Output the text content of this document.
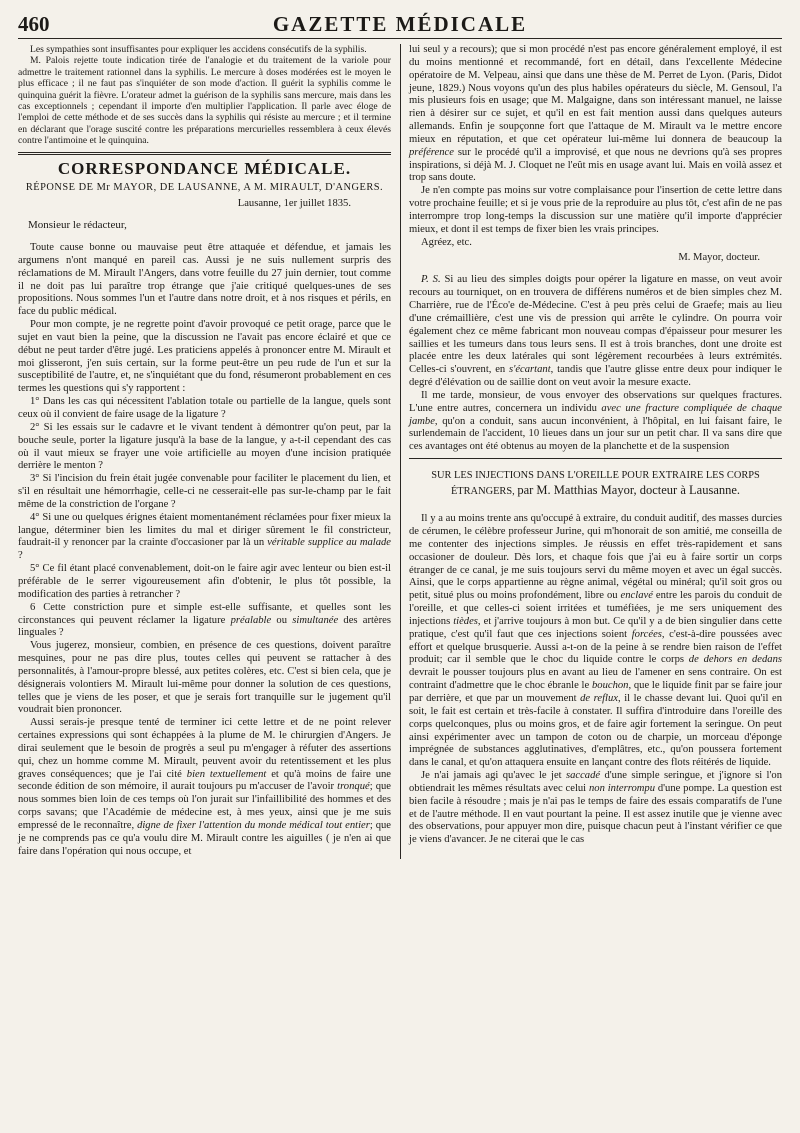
460	GAZETTE MÉDICALE

Les sympathies sont insuffisantes pour expliquer les accidens consécutifs de la syphilis.

M. Palois rejette toute indication tirée de l'analogie et du traitement de la variole pour admettre le traitement rationnel dans la syphilis. Le mercure à doses modérées est le moyen le plus efficace ; il ne faut pas s'inquiéter de son mode d'action. Il guérit la syphilis comme le quinquina guérit la fièvre. L'orateur admet la guérison de la syphilis sans mercure, mais dans les cas exceptionnels ; cependant il importe d'en multiplier l'application. Il parle avec éloge de l'emploi de cette méthode et de ses succès dans la syphilis qui résiste au mercure ; et il termine en déclarant que l'orage suscité contre les préparations mercurielles ressemblera à ceux élevés contre l'antimoine et le quinquina.

CORRESPONDANCE MÉDICALE.

RÉPONSE DE Mr MAYOR, DE LAUSANNE, A M. MIRAULT, D'ANGERS.

Lausanne, 1er juillet 1835.

Monsieur le rédacteur,

Toute cause bonne ou mauvaise peut être attaquée et défendue, et jamais les argumens n'ont manqué en pareil cas. Aussi je ne suis nullement surpris des réclamations de M. Mirault l'Angers, dans votre feuille du 27 juin dernier, tout comme il ne doit pas lui paraître trop étrange que j'aie critiqué quelques-unes de ses propositions. Nous sommes l'un et l'autre dans notre droit, et à nos risques et périls, en face du public médical.

Pour mon compte, je ne regrette point d'avoir provoqué ce petit orage, parce que le sujet en vaut bien la peine, que la discussion ne l'avait pas encore éclairé et que ce début ne peut tarder d'être jugé. Les praticiens appelés à prononcer entre M. Mirault et moi glisseront, j'en suis certain, sur la forme peut-être un peu rude de l'un et sur la susceptibilité de l'autre, et, ne s'inquiétant que du fond, résumeront probablement en ces termes les questions qui s'y rapportent :

1° Dans les cas qui nécessitent l'ablation totale ou partielle de la langue, quels sont ceux où il convient de faire usage de la ligature ?

2° Si les essais sur le cadavre et le vivant tendent à démontrer qu'on peut, par la bouche seule, porter la ligature jusqu'à la base de la langue, y a-t-il cependant des cas où il vaut mieux se frayer une voie artificielle au moyen d'une incision pratiquée derrière le menton ?

3° Si l'incision du frein était jugée convenable pour faciliter le placement du lien, et s'il en résultait une hémorrhagie, celle-ci ne cesserait-elle pas sur-le-champ par le fait même de la constriction de l'organe ?

4° Si une ou quelques érignes étaient momentanément réclamées pour fixer mieux la langue, déterminer bien les limites du mal et diriger sûrement le fil constricteur, faudrait-il y renoncer par la crainte d'occasioner par là un véritable supplice au malade ?

5° Ce fil étant placé convenablement, doit-on le faire agir avec lenteur ou bien est-il préférable de le serrer vigoureusement afin d'obtenir, le plus tôt possible, la modification des parties à retrancher ?

6 Cette constriction pure et simple est-elle suffisante, et quelles sont les circonstances qui peuvent réclamer la ligature préalable ou simultanée des artères linguales ?

Vous jugerez, monsieur, combien, en présence de ces questions, doivent paraître mesquines, pour ne pas dire plus, toutes celles qui peuvent se rattacher à des personnalités, à l'amour-propre blessé, aux petites colères, etc. C'est si bien cela, que je désignerais volontiers M. Mirault lui-même pour donner la solution de ces questions, telles que je viens de les poser, et que je serais fort tranquille sur le jugement qu'il voudrait bien prononcer.

Aussi serais-je presque tenté de terminer ici cette lettre et de ne point relever certaines expressions qui sont échappées à la plume de M. le chirurgien d'Angers. Je dirai seulement que le besoin de progrès a seul pu m'engager à réfuter des assertions qui, chez un homme comme M. Mirault, peuvent avoir du retentissement et les plus graves conséquences; que je l'ai cité bien textuellement et qu'à moins de faire une seconde édition de son mémoire, il aurait toujours pu m'accuser de l'avoir tronqué; que nous sommes bien loin de ces temps où l'on jurait sur l'infaillibilité des hommes et des corps savans; que l'Académie de médecine est, à mes yeux, ainsi que je me suis empressé de le reconnaître, digne de fixer l'attention du monde médical tout entier; que je ne comprends pas ce qu'a voulu dire M. Mirault contre les aiguilles ( je n'en ai que faire dans l'opération qui nous occupe, et

lui seul y a recours); que si mon procédé n'est pas encore généralement employé, il est du moins mentionné et recommandé, fort en détail, dans l'excellente Médecine opératoire de M. Velpeau, ainsi que dans une thèse de M. Perret de Lyon. (Paris, Didot jeune, 1829.) Nous voyons qu'un des plus habiles opérateurs du siècle, M. Gensoul, l'a mis plusieurs fois en usage; que M. Malgaigne, dans son intéressant manuel, ne laisse rien à désirer sur ce sujet, et qu'il en est fait mention aussi dans quelques auteurs allemands. Enfin je soupçonne fort que l'attaque de M. Mirault va le mettre encore mieux en réputation, et que cet opérateur lui-même lui donnera de beaucoup la préférence sur le procédé qu'il a improvisé, et que nous ne devrions qu'à ses propres inspirations, si déjà M. J. Cloquet ne l'eût mis en usage avant lui. Mais en voilà assez et trop sans doute.

Je n'en compte pas moins sur votre complaisance pour l'insertion de cette lettre dans votre prochaine feuille; et si je vous prie de la reproduire au plus tôt, c'est afin de ne pas interrompre trop long-temps la discussion sur une matière qu'il importe d'apprécier mieux, et dont il est temps de fixer bien les vrais principes.

Agréez, etc.

M. Mayor, docteur.

P. S. Si au lieu des simples doigts pour opérer la ligature en masse, on veut avoir recours au tourniquet, on en trouvera de différens numéros et de bien simples chez M. Charrière, rue de l'Éco'e de-Médecine. C'est à peu près celui de Graefe; mais au lieu d'une crémaillière, c'est une vis de pression qui arrête le cylindre. On pourra voir également chez ce même fabricant mon nouveau compas d'épaisseur pour mesurer les saillies et les tumeurs dans tous leurs sens. Il est à trois branches, dont une droite est placée entre les deux latérales qui sont légèrement recourbées à leurs extrémités. Celles-ci s'ouvrent, en s'écartant, tandis que l'autre glisse entre deux pour indiquer le degré d'élévation ou de saillie dont on veut avoir la mesure exacte.

Il me tarde, monsieur, de vous envoyer des observations sur quelques fractures. L'une entre autres, concernera un individu avec une fracture compliquée de chaque jambe, qu'on a conduit, sans aucun inconvénient, à l'hôpital, en lui faisant faire, le surlendemain de l'accident, 10 lieues dans un jour sur un petit char. Il va sans dire que ces avantages ont été obtenus au moyen de la planchette et de la suspension

SUR LES INJECTIONS DANS L'OREILLE POUR EXTRAIRE LES CORPS ÉTRANGERS, par M. Matthias Mayor, docteur à Lausanne.

Il y a au moins trente ans qu'occupé à extraire, du conduit auditif, des masses durcies de cérumen, le célèbre professeur Jurine, qui m'honorait de son amitié, me conseilla de me contenter des injections simples. Je réussis en effet très-rapidement et sans occasioner de douleur. Dès lors, et chaque fois que j'ai eu à faire sortir un corps étranger de ce canal, je me suis toujours servi du même moyen et avec un égal succès. Ainsi, que le corps appartienne au règne animal, végétal ou minéral; qu'il soit gros ou petit, situé plus ou moins profondément, libre ou enclavé entre les parois du conduit de l'oreille, et que celles-ci soient irritées et tuméfiées, je me sers uniquement des injections tièdes, et j'arrive toujours à mon but. Ce qu'il y a de bien singulier dans cette pratique, c'est qu'il faut que ces injections soient forcées, c'est-à-dire poussées avec effort et quelque brusquerie. Aussi a-t-on de la peine à se rendre bien raison de l'effet produit; car il semble que le choc du liquide contre le corps de dehors en dedans devrait le pousser toujours plus en avant au lieu de l'amener en sens contraire. On est contraint d'admettre que le choc ébranle le bouchon, que le liquide finit par se faire jour par derrière, et que par un mouvement de reflux, il le chasse devant lui. Quoi qu'il en soit, le fait est certain et très-facile à constater. Il suffira d'introduire dans l'oreille des corps quelconques, plus ou moins gros, et de faire agir fortement la seringue. On peut ainsi expérimenter avec un tampon de coton ou de charpie, un morceau d'éponge imprégnée de substances agglutinatives, d'emplâtres, etc., qu'on poussera fortement dans le canal, et qu'on attaquera ensuite en lançant contre des flots réitérés de liquide.

Je n'ai jamais agi qu'avec le jet saccadé d'une simple seringue, et j'ignore si l'on obtiendrait les mêmes résultats avec celui non interrompu d'une pompe. La question est bien facile à résoudre ; mais je n'ai pas le temps de faire des essais comparatifs de l'une et de l'autre méthode. Il en vaut pourtant la peine. Il est assez inutile que je vienne avec des observations, pour appuyer mon dire, puisque chacun peut à l'instant vérifier ce que je viens d'avancer. Je ne citerai que le cas
